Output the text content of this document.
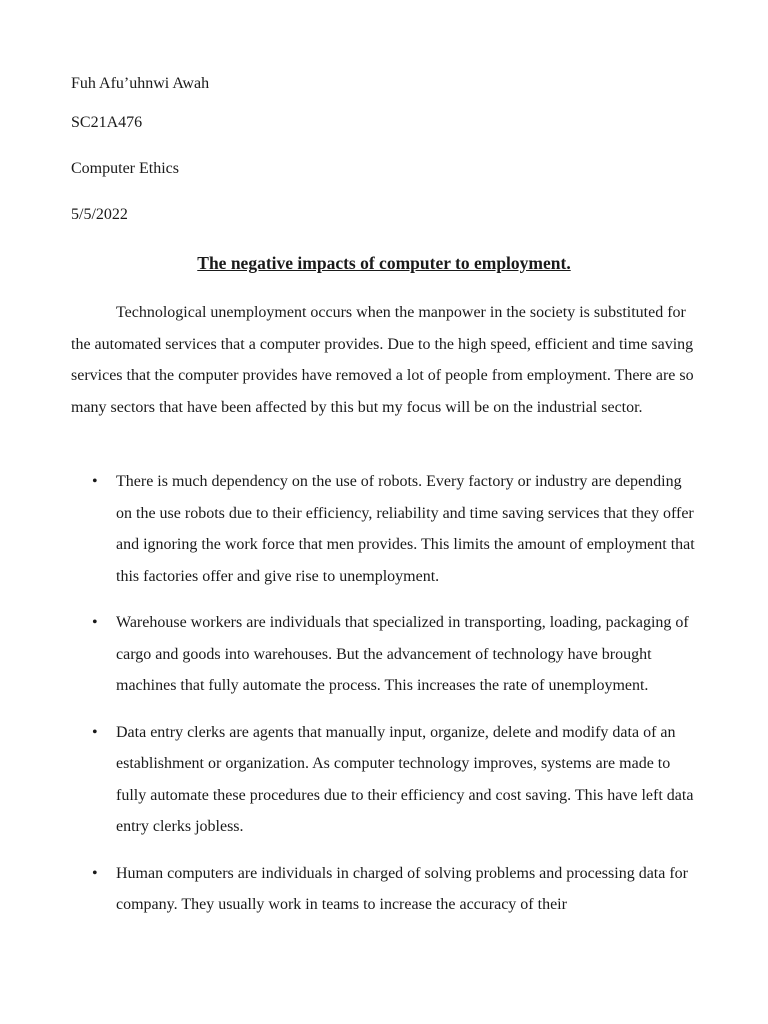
Fuh Afu’uhnwi Awah
SC21A476
Computer Ethics
5/5/2022
The negative impacts of computer to employment.

Technological unemployment occurs when the manpower in the society is substituted for the automated services that a computer provides. Due to the high speed, efficient and time saving services that the computer provides have removed a lot of people from employment. There are so many sectors that have been affected by this but my focus will be on the industrial sector.

• There is much dependency on the use of robots. Every factory or industry are depending on the use robots due to their efficiency, reliability and time saving services that they offer and ignoring the work force that men provides. This limits the amount of employment that this factories offer and give rise to unemployment.
• Warehouse workers are individuals that specialized in transporting, loading, packaging of cargo and goods into warehouses. But the advancement of technology have brought machines that fully automate the process. This increases the rate of unemployment.
• Data entry clerks are agents that manually input, organize, delete and modify data of an establishment or organization. As computer technology improves, systems are made to fully automate these procedures due to their efficiency and cost saving. This have left data entry clerks jobless.
• Human computers are individuals in charged of solving problems and processing data for company. They usually work in teams to increase the accuracy of their
